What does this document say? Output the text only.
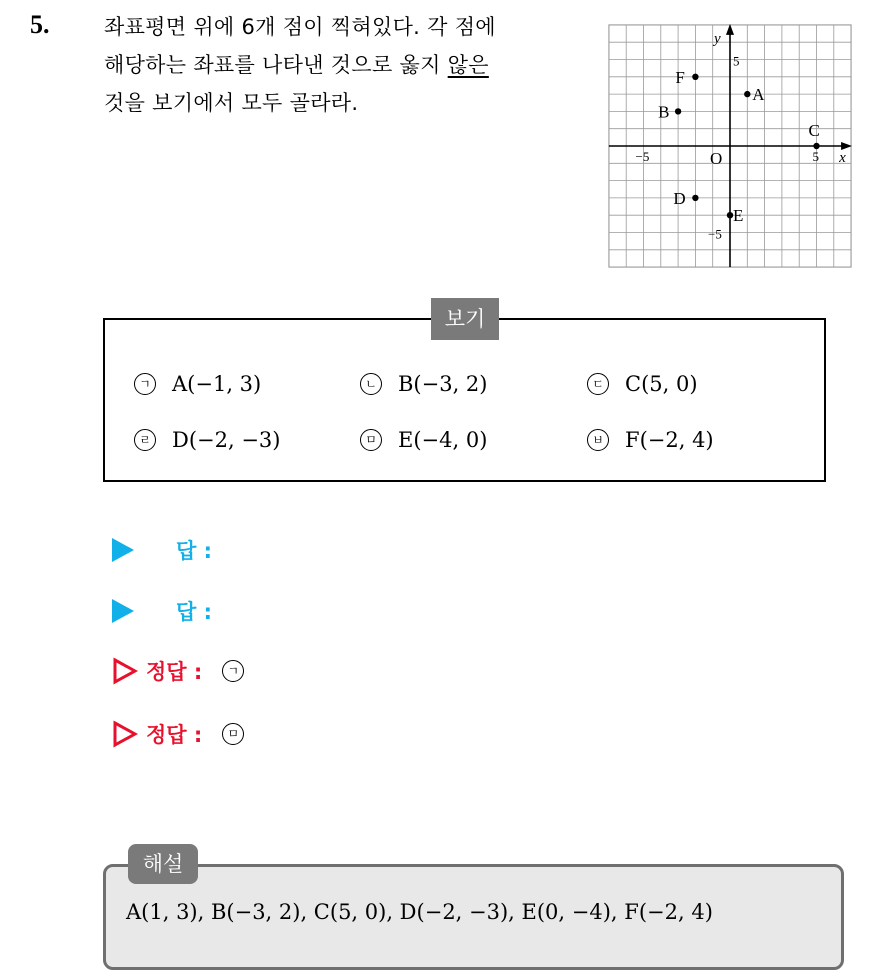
5.	좌표평면 위에 6개 점이 찍혀있다. 각 점에
해당하는 좌표를 나타낸 것으로 옳지 않은
것을 보기에서 모두 골라라.
y
x
O
5
−5
−5	5
A
B
C
D
E
F
보기
ㄱ A(−1, 3)	ㄴ B(−3, 2)	ㄷ C(5, 0)
ㄹ D(−2, −3)	ㅁ E(−4, 0)	ㅂ F(−2, 4)
답 :
답 :
정답 :	ㄱ
정답 :	ㅁ
해설
A(1, 3), B(−3, 2), C(5, 0), D(−2, −3), E(0, −4), F(−2, 4)
